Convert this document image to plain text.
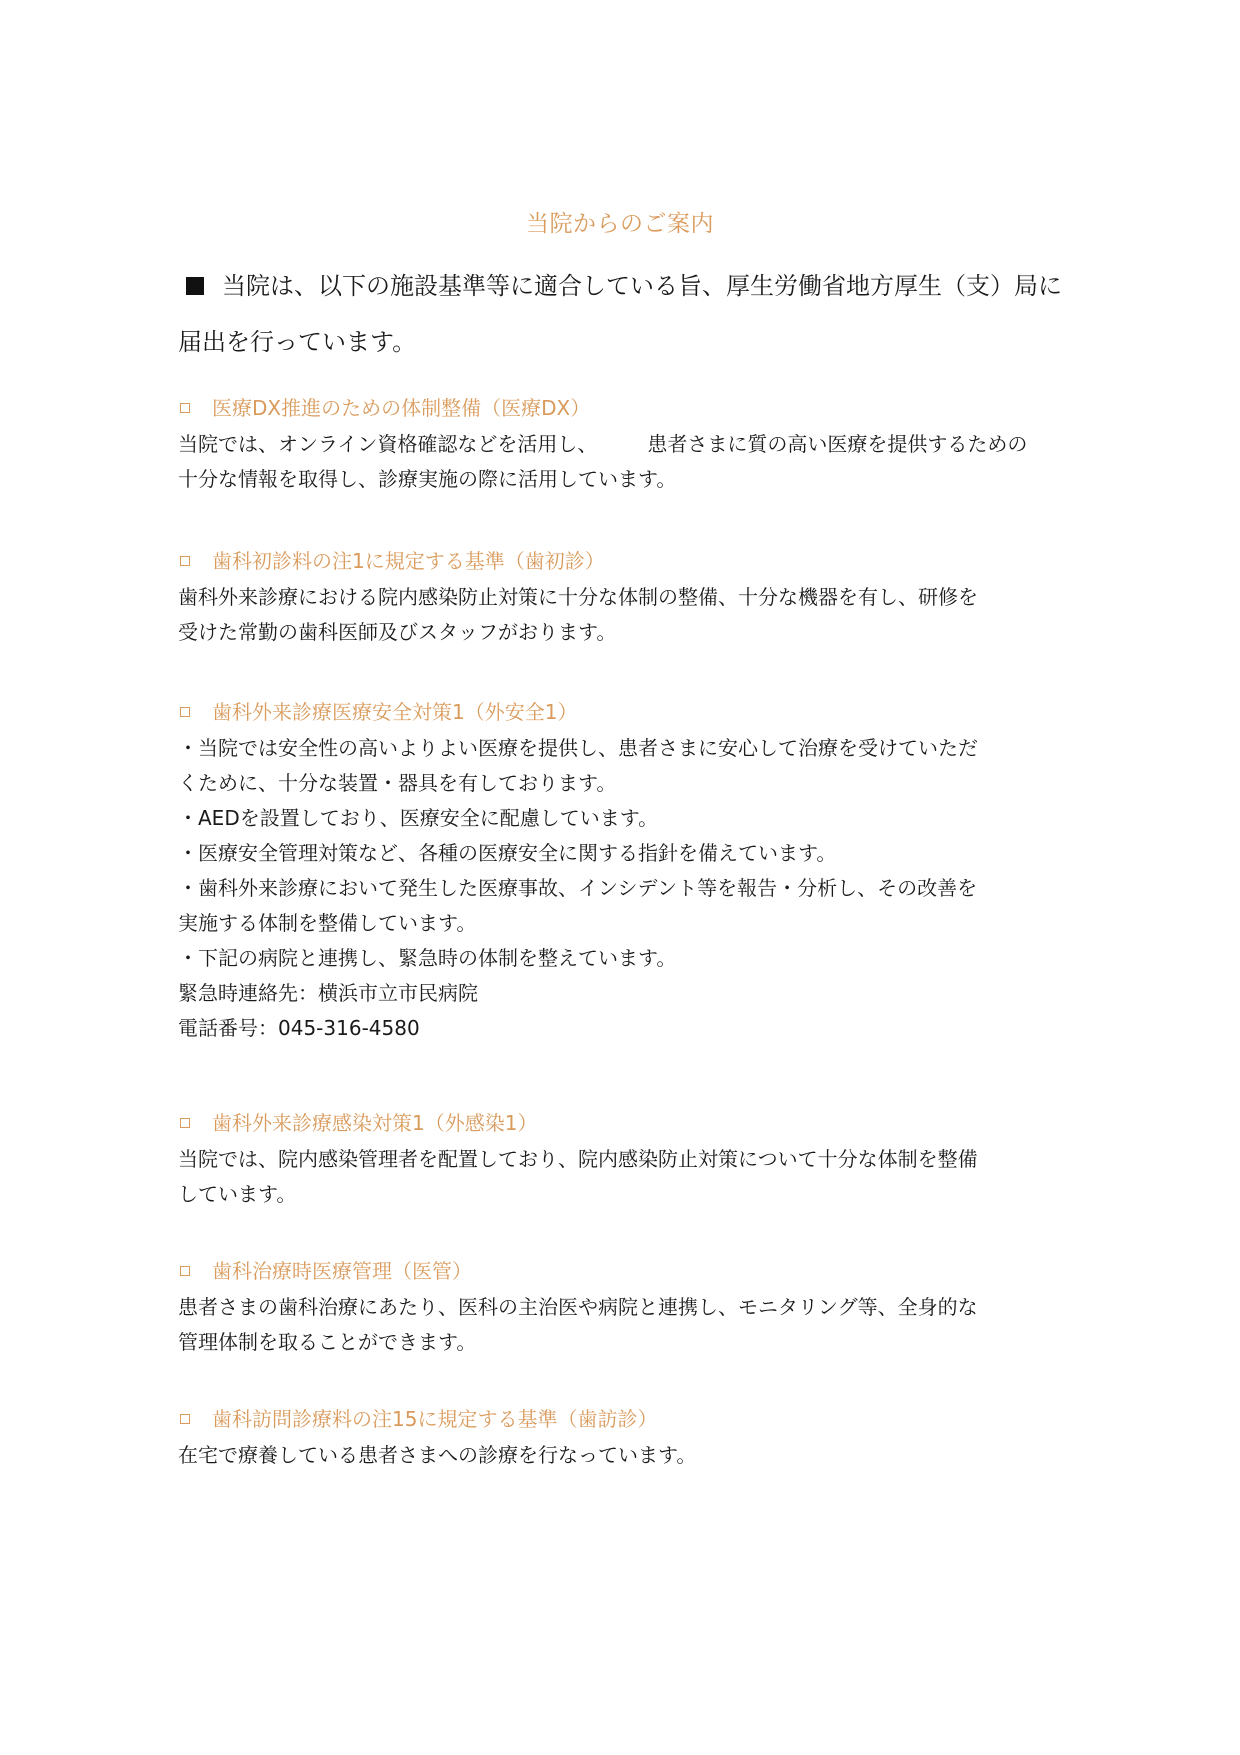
当院からのご案内
当院は、以下の施設基準等に適合している旨、厚生労働省地方厚生（支）局に
届出を行っています。
医療DX推進のための体制整備（医療DX）
当院では、オンライン資格確認などを活用し、　　　患者さまに質の高い医療を提供するための
十分な情報を取得し、診療実施の際に活用しています。
歯科初診料の注1に規定する基準（歯初診）
歯科外来診療における院内感染防止対策に十分な体制の整備、十分な機器を有し、研修を
受けた常勤の歯科医師及びスタッフがおります。
歯科外来診療医療安全対策1（外安全1）
・当院では安全性の高いよりよい医療を提供し、患者さまに安心して治療を受けていただ
くために、十分な装置・器具を有しております。
・AEDを設置しており、医療安全に配慮しています。
・医療安全管理対策など、各種の医療安全に関する指針を備えています。
・歯科外来診療において発生した医療事故、インシデント等を報告・分析し、その改善を
実施する体制を整備しています。
・下記の病院と連携し、緊急時の体制を整えています。
緊急時連絡先：横浜市立市民病院
電話番号：045-316-4580
歯科外来診療感染対策1（外感染1）
当院では、院内感染管理者を配置しており、院内感染防止対策について十分な体制を整備
しています。
歯科治療時医療管理（医管）
患者さまの歯科治療にあたり、医科の主治医や病院と連携し、モニタリング等、全身的な
管理体制を取ることができます。
歯科訪問診療料の注15に規定する基準（歯訪診）
在宅で療養している患者さまへの診療を行なっています。
